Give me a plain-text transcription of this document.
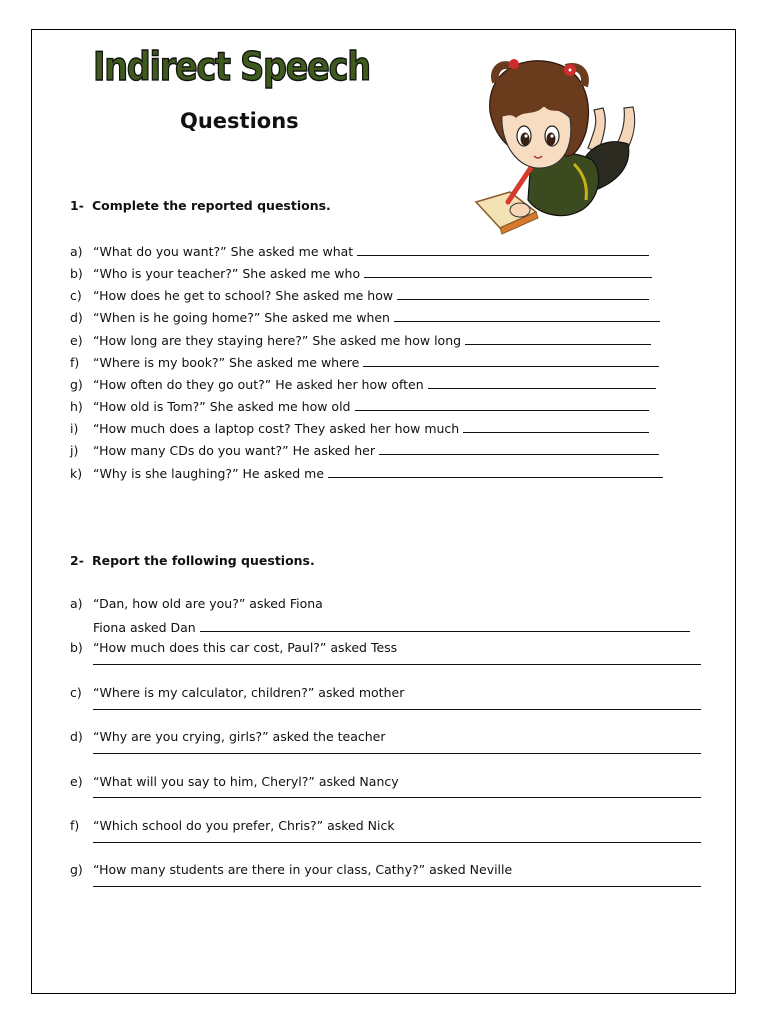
Indirect Speech
Questions
1- Complete the reported questions.
a) “What do you want?” She asked me what
b) “Who is your teacher?” She asked me who
c) “How does he get to school? She asked me how
d) “When is he going home?” She asked me when
e) “How long are they staying here?” She asked me how long
f) “Where is my book?” She asked me where
g) “How often do they go out?” He asked her how often
h) “How old is Tom?” She asked me how old
i) “How much does a laptop cost? They asked her how much
j) “How many CDs do you want?” He asked her
k) “Why is she laughing?” He asked me
2- Report the following questions.
a) “Dan, how old are you?” asked Fiona
Fiona asked Dan
b) “How much does this car cost, Paul?” asked Tess
c) “Where is my calculator, children?” asked mother
d) “Why are you crying, girls?” asked the teacher
e) “What will you say to him, Cheryl?” asked Nancy
f) “Which school do you prefer, Chris?” asked Nick
g) “How many students are there in your class, Cathy?” asked Neville
